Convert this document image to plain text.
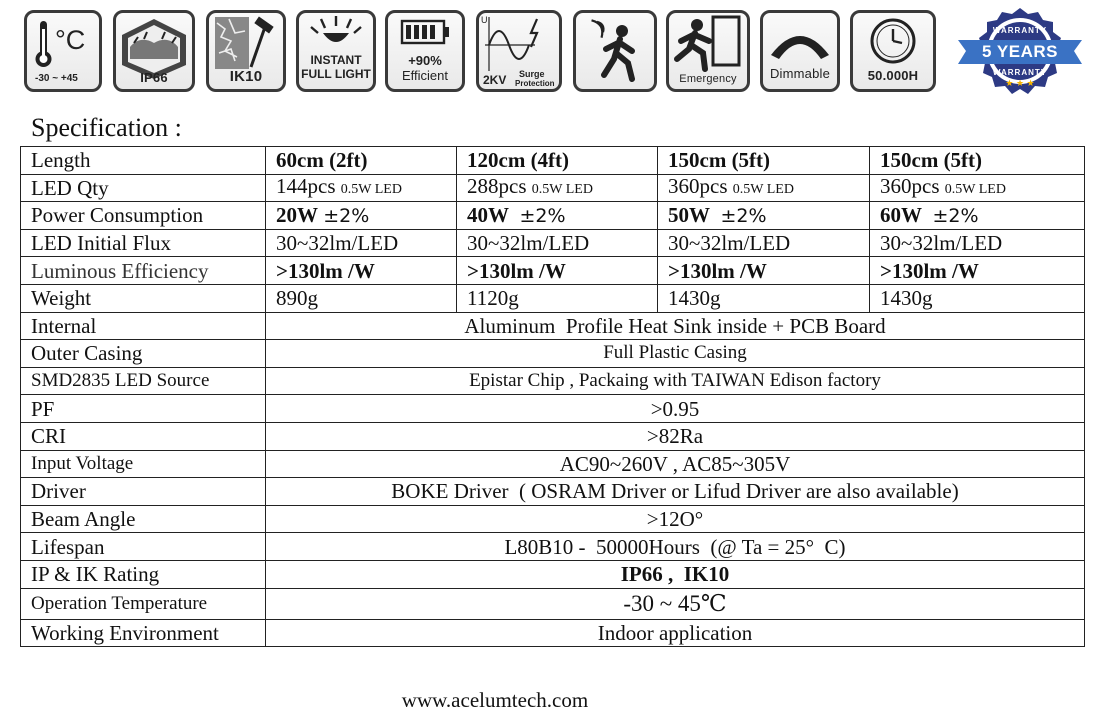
°C
-30 ~ +45	IP66	IK10
INSTANT
FULL LIGHT
+90%
Efficient
U
2KV Surge
Protection	Emergency	Dimmable	50.000H	★ ★ ★
5 YEARS
WARRANTY
WARRANTY
Specification :
Length	60cm (2ft)	120cm (4ft)	150cm (5ft)	150cm (5ft)
LED Qty	144pcs 0.5W LED	288pcs 0.5W LED	360pcs 0.5W LED	360pcs 0.5W LED
Power Consumption	20W ±2%	40W ±2%	50W ±2%	60W ±2%
LED Initial Flux	30~32lm/LED	30~32lm/LED	30~32lm/LED	30~32lm/LED
Luminous Efficiency	>130lm /W	>130lm /W	>130lm /W	>130lm /W
Weight	890g	1120g	1430g	1430g
Internal	Aluminum  Profile Heat Sink inside + PCB Board			
Outer Casing	Full Plastic Casing			
SMD2835 LED Source	Epistar Chip , Packaing with TAIWAN Edison factory			
PF	>0.95			
CRI	>82Ra			
Input Voltage	AC90~260V , AC85~305V			
Driver	BOKE Driver  ( OSRAM Driver or Lifud Driver are also available)			
Beam Angle	>12O°			
Lifespan	L80B10 -  50000Hours  (@ Ta = 25°  C)			
IP & IK Rating	IP66 ,  IK10			
Operation Temperature	-30 ~ 45℃			
Working Environment	Indoor application			
www.acelumtech.com
